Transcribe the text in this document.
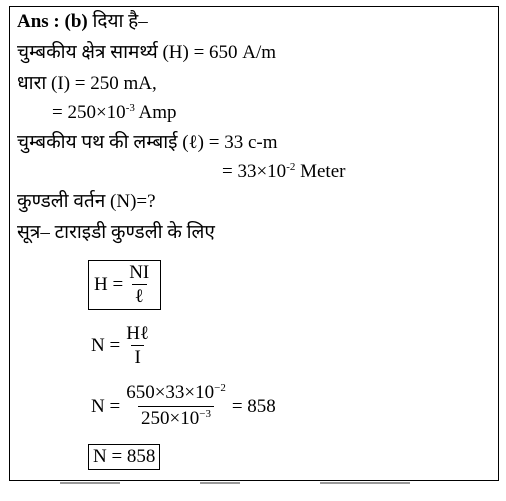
Ans : (b) दिया है–
चुम्बकीय क्षेत्र सामर्थ्य (H) = 650 A/m
धारा (I) = 250 mA,
= $250\times 10^{-3}$ Amp
चुम्बकीय पथ की लम्बाई (ℓ) = 33 c-m
= $33\times 10^{-2}$ Meter
कुण्डली वर्तन (N)=?
सूत्र– टाराइडी कुण्डली के लिए
$H = \frac{NI}{\text{ℓ}}$
$N = \frac{\text{Hℓ}}{I}$
$N = \frac{650\times 33\times 10^{-2}}{250\times 10^{-3}} = 858$
N = 858
